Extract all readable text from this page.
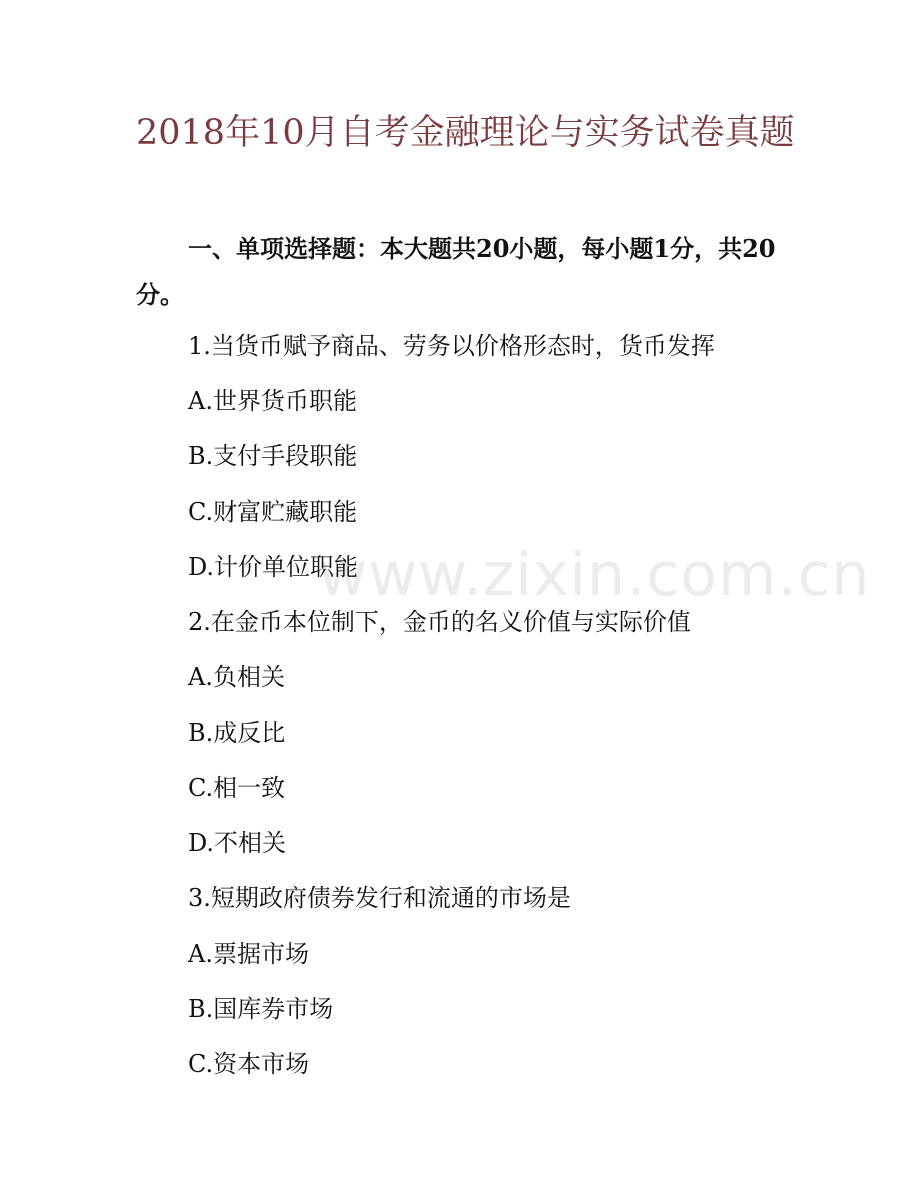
www.zixin.com.cn
2018年10月自考金融理论与实务试卷真题

一、单项选择题：本大题共20小题，每小题1分，共20分。

1.当货币赋予商品、劳务以价格形态时，货币发挥

A.世界货币职能

B.支付手段职能

C.财富贮藏职能

D.计价单位职能

2.在金币本位制下，金币的名义价值与实际价值

A.负相关

B.成反比

C.相一致

D.不相关

3.短期政府债券发行和流通的市场是

A.票据市场

B.国库券市场

C.资本市场
